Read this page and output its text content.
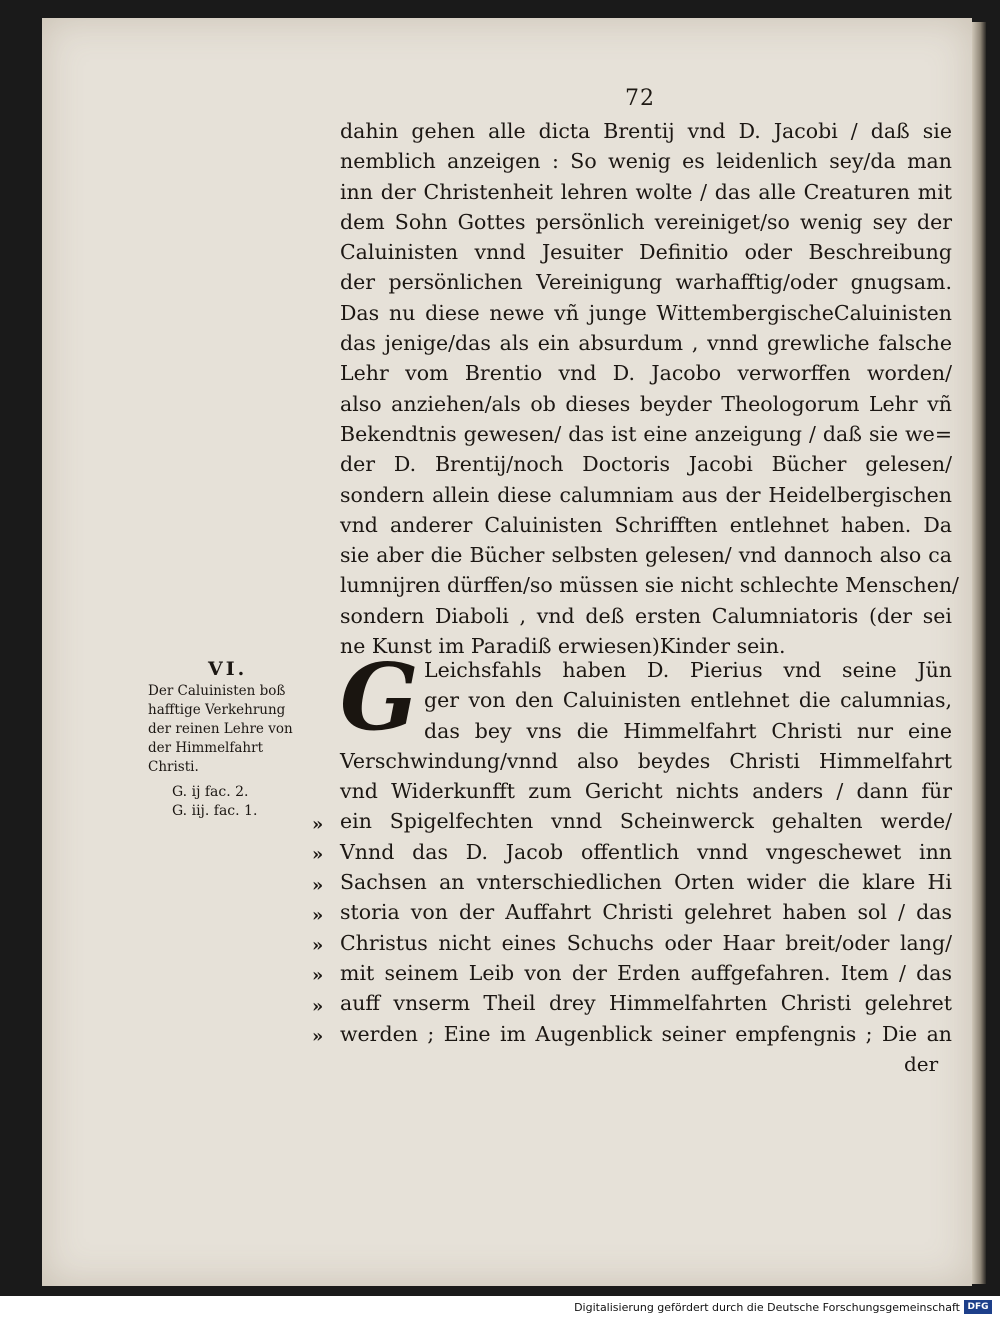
72
dahin gehen alle dicta Brentij vnd D. Jacobi / daß sie
nemblich anzeigen : So wenig es leidenlich sey/da man
inn der Christenheit lehren wolte / das alle Creaturen mit
dem Sohn Gottes persönlich vereiniget/so wenig sey der
Caluinisten vnnd Jesuiter Definitio oder Beschreibung
der persönlichen Vereinigung warhafftig/oder gnugsam.
Das nu diese newe vñ junge WittembergischeCaluinisten
das jenige/das als ein absurdum , vnnd grewliche falsche
Lehr vom Brentio vnd D. Jacobo verworffen worden/
also anziehen/als ob dieses beyder Theologorum Lehr vñ
Bekendtnis gewesen/ das ist eine anzeigung / daß sie we=
der D. Brentij/noch Doctoris Jacobi Bücher gelesen/
sondern allein diese calumniam aus der Heidelbergischen
vnd anderer Caluinisten Schrifften entlehnet haben. Da
sie aber die Bücher selbsten gelesen/ vnd dannoch also ca
lumnijren dürffen/so müssen sie nicht schlechte Menschen/
sondern Diaboli , vnd deß ersten Calumniatoris (der sei
ne Kunst im Paradiß erwiesen)Kinder sein.
G Leichsfahls haben D. Pierius vnd seine Jün
ger von den Caluinisten entlehnet die calumnias,
das bey vns die Himmelfahrt Christi nur eine
Verschwindung/vnnd also beydes Christi Himmelfahrt
vnd Widerkunfft zum Gericht nichts anders / dann für
ein Spigelfechten vnnd Scheinwerck gehalten werde/
Vnnd das D. Jacob offentlich vnnd vngeschewet inn
Sachsen an vnterschiedlichen Orten wider die klare Hi
storia von der Auffahrt Christi gelehret haben sol / das
Christus nicht eines Schuchs oder Haar breit/oder lang/
mit seinem Leib von der Erden auffgefahren. Item / das
auff vnserm Theil drey Himmelfahrten Christi gelehret
werden ; Eine im Augenblick seiner empfengnis ; Die an
der
VI.
Der Caluinisten boß
hafftige Verkehrung
der reinen Lehre von
der Himmelfahrt
Christi.
G. ij fac. 2.
G. iij. fac. 1.
»
»
»
»
»
»
»
»
Digitalisierung gefördert durch die Deutsche Forschungsgemeinschaft DFG
